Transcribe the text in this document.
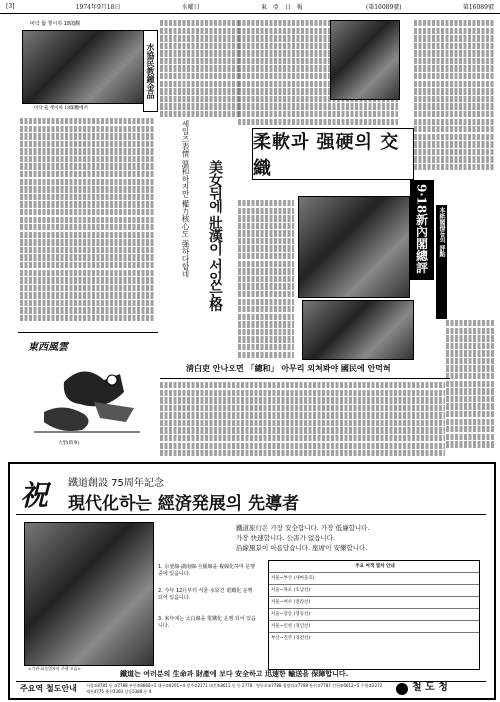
[3]	1974年9月18日	水曜日	東 亞 日 報	(第16089號)	第16089號
바닥 뚫 쳇이하 18閣觀
바닥 뚫 쳇이하 18閣觀에서
水協民教鐘金品
東西風雲
大型(時事)
세일즈表情 溫和하지만 權力核心도 强하다합네 美女뒤에 壯漢이 서있는格
柔軟과 强硬의 交織
9·18新內閣總評	本紙閣僚들의 評點
淸白吏 안나오면 「總和」 아무리 외쳐봐야 國民에 안먹혀
祝 鐵道創設 75周年記念
現代化하는 經済発展의 先導者
<기관·화물열차의 주행 모습>
鐵道旅行은 가장 安全합니다. 가장 低廉합니다.
가장 快速합니다. 公害가 없읍니다.
沿線風景이 아름답습니다. 座席이 安樂합니다.
1. 京釜線·湖南線·全羅線을 複線化하여 운행중에 있읍니다.
2. 今年 12月부터 서울·水原간 電鐵化 운행 되어 있읍니다.
3. 來年에는 太白線을 電鐵化 운행 되어 있읍니다.
주요 여객 열차 안내
서울~부산 (새마을호)
서울~목포 (호남선)
서울~여수 (전라선)
서울~강릉 (영동선)
서울~인천 (경인선)
부산~진주 (경전선)
鐵道는 여러분의 生命과 財產에 보다 安全하고 迅速한 輸送을 保障합니다.
주요역 철도안내 서울③8785 등 ③7788 부산⑤8660~1 대구⑤6201~4 광주②2171 대전⑤8611 등 등 2778 · 영등포③7788 청량리③7788 용산③7787 인천⑤6612~5 수원②2272 제천4775 춘천3360 상동5388 등 4	철 도 청
